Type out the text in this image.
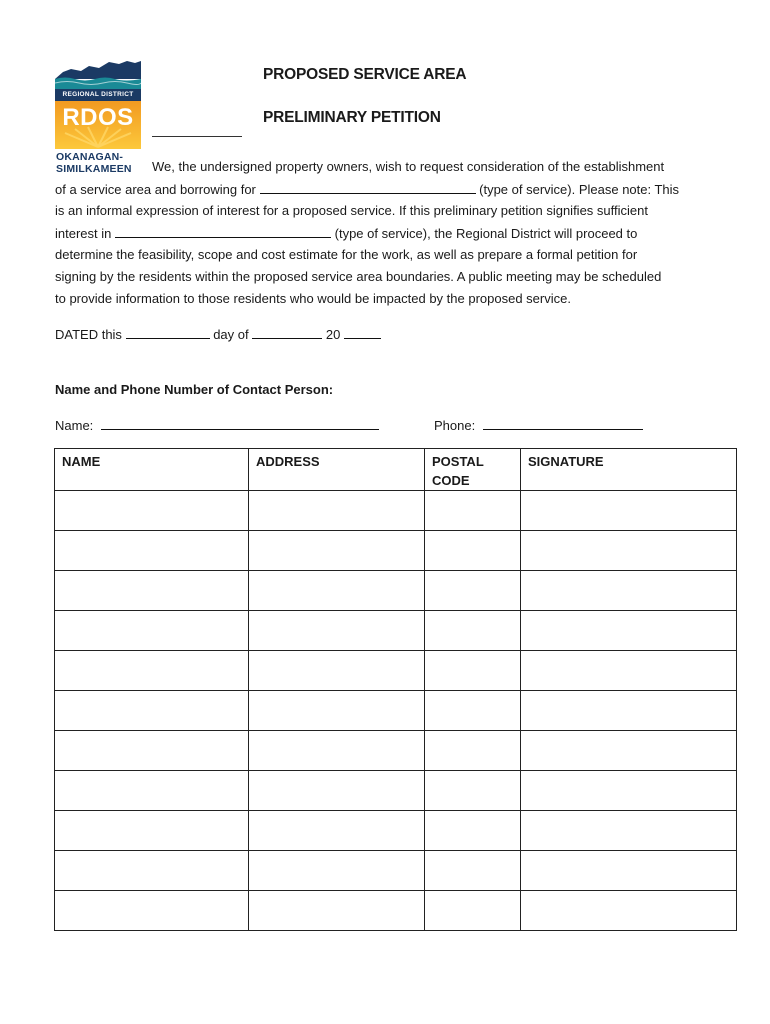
REGIONAL DISTRICT
RDOS
OKANAGAN-
SIMILKAMEEN
PROPOSED SERVICE AREA
PRELIMINARY PETITION
We, the undersigned property owners, wish to request consideration of the establishment
of a service area and borrowing for	(type of service). Please note: This
is an informal expression of interest for a proposed service. If this preliminary petition signifies sufficient
interest in	(type of service), the Regional District will proceed to
determine the feasibility, scope and cost estimate for the work, as well as prepare a formal petition for
signing by the residents within the proposed service area boundaries. A public meeting may be scheduled
to provide information to those residents who would be impacted by the proposed service.
DATED this	day of	20
Name and Phone Number of Contact Person:
Name:	Phone:
NAME	ADDRESS	POSTAL CODE	SIGNATURE
